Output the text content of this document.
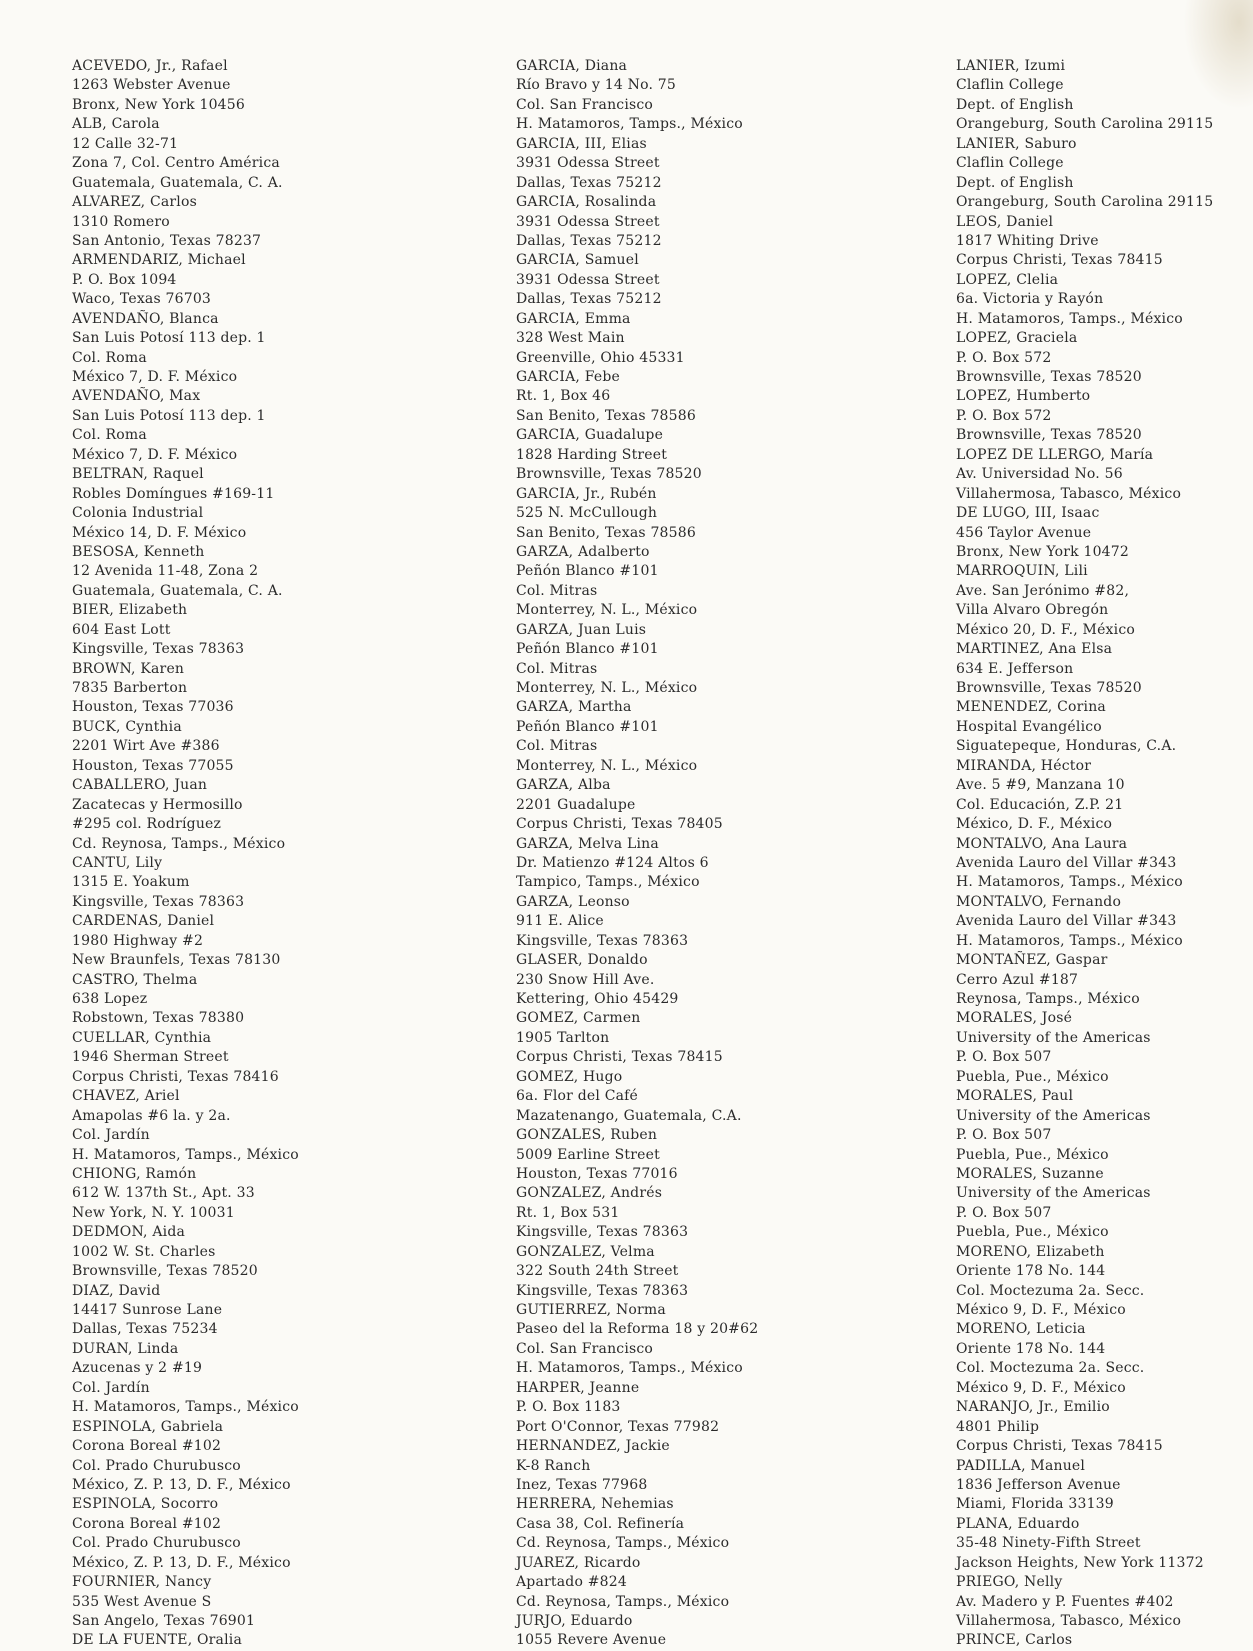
ACEVEDO, Jr., Rafael
1263 Webster Avenue
Bronx, New York 10456
ALB, Carola
12 Calle 32-71
Zona 7, Col. Centro América
Guatemala, Guatemala, C. A.
ALVAREZ, Carlos
1310 Romero
San Antonio, Texas 78237
ARMENDARIZ, Michael
P. O. Box 1094
Waco, Texas 76703
AVENDAÑO, Blanca
San Luis Potosí 113 dep. 1
Col. Roma
México 7, D. F. México
AVENDAÑO, Max
San Luis Potosí 113 dep. 1
Col. Roma
México 7, D. F. México
BELTRAN, Raquel
Robles Domíngues #169-11
Colonia Industrial
México 14, D. F. México
BESOSA, Kenneth
12 Avenida 11-48, Zona 2
Guatemala, Guatemala, C. A.
BIER, Elizabeth
604 East Lott
Kingsville, Texas 78363
BROWN, Karen
7835 Barberton
Houston, Texas 77036
BUCK, Cynthia
2201 Wirt Ave #386
Houston, Texas 77055
CABALLERO, Juan
Zacatecas y Hermosillo
#295 col. Rodríguez
Cd. Reynosa, Tamps., México
CANTU, Lily
1315 E. Yoakum
Kingsville, Texas 78363
CARDENAS, Daniel
1980 Highway #2
New Braunfels, Texas 78130
CASTRO, Thelma
638 Lopez
Robstown, Texas 78380
CUELLAR, Cynthia
1946 Sherman Street
Corpus Christi, Texas 78416
CHAVEZ, Ariel
Amapolas #6 la. y 2a.
Col. Jardín
H. Matamoros, Tamps., México
CHIONG, Ramón
612 W. 137th St., Apt. 33
New York, N. Y. 10031
DEDMON, Aida
1002 W. St. Charles
Brownsville, Texas 78520
DIAZ, David
14417 Sunrose Lane
Dallas, Texas 75234
DURAN, Linda
Azucenas y 2 #19
Col. Jardín
H. Matamoros, Tamps., México
ESPINOLA, Gabriela
Corona Boreal #102
Col. Prado Churubusco
México, Z. P. 13, D. F., México
ESPINOLA, Socorro
Corona Boreal #102
Col. Prado Churubusco
México, Z. P. 13, D. F., México
FOURNIER, Nancy
535 West Avenue S
San Angelo, Texas 76901
DE LA FUENTE, Oralia
GARCIA, Diana
Río Bravo y 14 No. 75
Col. San Francisco
H. Matamoros, Tamps., México
GARCIA, III, Elias
3931 Odessa Street
Dallas, Texas 75212
GARCIA, Rosalinda
3931 Odessa Street
Dallas, Texas 75212
GARCIA, Samuel
3931 Odessa Street
Dallas, Texas 75212
GARCIA, Emma
328 West Main
Greenville, Ohio 45331
GARCIA, Febe
Rt. 1, Box 46
San Benito, Texas 78586
GARCIA, Guadalupe
1828 Harding Street
Brownsville, Texas 78520
GARCIA, Jr., Rubén
525 N. McCullough
San Benito, Texas 78586
GARZA, Adalberto
Peñón Blanco #101
Col. Mitras
Monterrey, N. L., México
GARZA, Juan Luis
Peñón Blanco #101
Col. Mitras
Monterrey, N. L., México
GARZA, Martha
Peñón Blanco #101
Col. Mitras
Monterrey, N. L., México
GARZA, Alba
2201 Guadalupe
Corpus Christi, Texas 78405
GARZA, Melva Lina
Dr. Matienzo #124 Altos 6
Tampico, Tamps., México
GARZA, Leonso
911 E. Alice
Kingsville, Texas 78363
GLASER, Donaldo
230 Snow Hill Ave.
Kettering, Ohio 45429
GOMEZ, Carmen
1905 Tarlton
Corpus Christi, Texas 78415
GOMEZ, Hugo
6a. Flor del Café
Mazatenango, Guatemala, C.A.
GONZALES, Ruben
5009 Earline Street
Houston, Texas 77016
GONZALEZ, Andrés
Rt. 1, Box 531
Kingsville, Texas 78363
GONZALEZ, Velma
322 South 24th Street
Kingsville, Texas 78363
GUTIERREZ, Norma
Paseo del la Reforma 18 y 20#62
Col. San Francisco
H. Matamoros, Tamps., México
HARPER, Jeanne
P. O. Box 1183
Port O'Connor, Texas 77982
HERNANDEZ, Jackie
K-8 Ranch
Inez, Texas 77968
HERRERA, Nehemias
Casa 38, Col. Refinería
Cd. Reynosa, Tamps., México
JUAREZ, Ricardo
Apartado #824
Cd. Reynosa, Tamps., México
JURJO, Eduardo
1055 Revere Avenue
LANIER, Izumi
Claflin College
Dept. of English
Orangeburg, South Carolina 29115
LANIER, Saburo
Claflin College
Dept. of English
Orangeburg, South Carolina 29115
LEOS, Daniel
1817 Whiting Drive
Corpus Christi, Texas 78415
LOPEZ, Clelia
6a. Victoria y Rayón
H. Matamoros, Tamps., México
LOPEZ, Graciela
P. O. Box 572
Brownsville, Texas 78520
LOPEZ, Humberto
P. O. Box 572
Brownsville, Texas 78520
LOPEZ DE LLERGO, María
Av. Universidad No. 56
Villahermosa, Tabasco, México
DE LUGO, III, Isaac
456 Taylor Avenue
Bronx, New York 10472
MARROQUIN, Lili
Ave. San Jerónimo #82,
Villa Alvaro Obregón
México 20, D. F., México
MARTINEZ, Ana Elsa
634 E. Jefferson
Brownsville, Texas 78520
MENENDEZ, Corina
Hospital Evangélico
Siguatepeque, Honduras, C.A.
MIRANDA, Héctor
Ave. 5 #9, Manzana 10
Col. Educación, Z.P. 21
México, D. F., México
MONTALVO, Ana Laura
Avenida Lauro del Villar #343
H. Matamoros, Tamps., México
MONTALVO, Fernando
Avenida Lauro del Villar #343
H. Matamoros, Tamps., México
MONTAÑEZ, Gaspar
Cerro Azul #187
Reynosa, Tamps., México
MORALES, José
University of the Americas
P. O. Box 507
Puebla, Pue., México
MORALES, Paul
University of the Americas
P. O. Box 507
Puebla, Pue., México
MORALES, Suzanne
University of the Americas
P. O. Box 507
Puebla, Pue., México
MORENO, Elizabeth
Oriente 178 No. 144
Col. Moctezuma 2a. Secc.
México 9, D. F., México
MORENO, Leticia
Oriente 178 No. 144
Col. Moctezuma 2a. Secc.
México 9, D. F., México
NARANJO, Jr., Emilio
4801 Philip
Corpus Christi, Texas 78415
PADILLA, Manuel
1836 Jefferson Avenue
Miami, Florida 33139
PLANA, Eduardo
35-48 Ninety-Fifth Street
Jackson Heights, New York 11372
PRIEGO, Nelly
Av. Madero y P. Fuentes #402
Villahermosa, Tabasco, México
PRINCE, Carlos
